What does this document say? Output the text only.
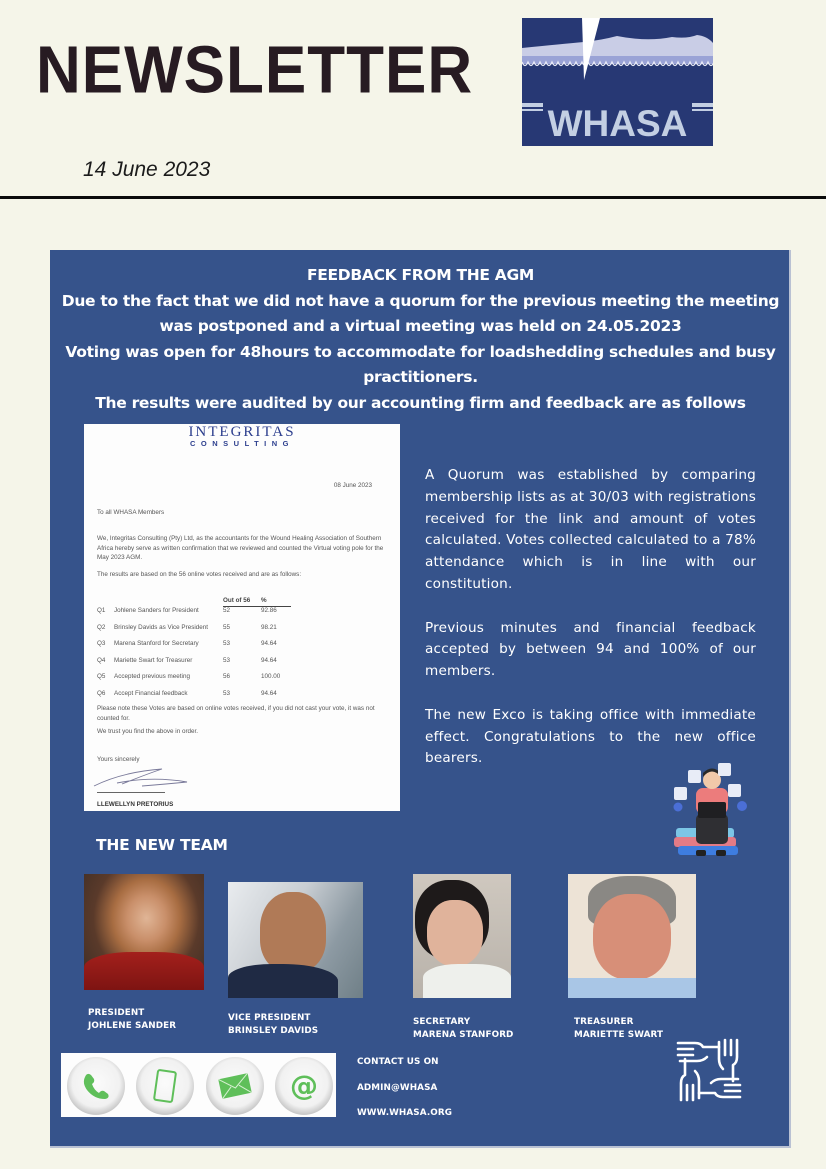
NEWSLETTER
14 June 2023
WHASA
FEEDBACK FROM THE AGM
Due to the fact that we did not have a quorum for the previous meeting the meeting
was postponed and a virtual meeting was held on 24.05.2023
Voting was open for 48hours to accommodate for loadshedding schedules and busy
practitioners.
The results were audited by our accounting firm and feedback are as follows
INTEGRITAS
CONSULTING
08 June 2023
To all WHASA Members
We, Integritas Consulting (Pty) Ltd, as the accountants for the Wound Healing Association of Southern Africa hereby serve as written confirmation that we reviewed and counted the Virtual voting pole for the May 2023 AGM.
The results are based on the 56 online votes received and are as follows:
		Out of 56	%
Q1	Johlene Sanders for President	52	92.86
Q2	Brinsley Davids as Vice President	55	98.21
Q3	Marena Stanford for Secretary	53	94.64
Q4	Mariette Swart for Treasurer	53	94.64
Q5	Accepted previous meeting	56	100.00
Q6	Accept Financial feedback	53	94.64
Please note these Votes are based on online votes received, if you did not cast your vote, it was not counted for.
We trust you find the above in order.
Yours sincerely
LLEWELLYN PRETORIUS

A Quorum was established by comparing membership lists as at 30/03 with registrations received for the link and amount of votes calculated. Votes collected calculated to a 78% attendance which is in line with our constitution.

Previous minutes and financial feedback accepted by between 94 and 100% of our members.

The new Exco is taking office with immediate effect. Congratulations to the new office bearers.

THE NEW TEAM
PRESIDENT
JOHLENE SANDER
VICE PRESIDENT
BRINSLEY DAVIDS
SECRETARY
MARENA STANFORD
TREASURER
MARIETTE SWART
@
CONTACT US ON
ADMIN@WHASA
WWW.WHASA.ORG
